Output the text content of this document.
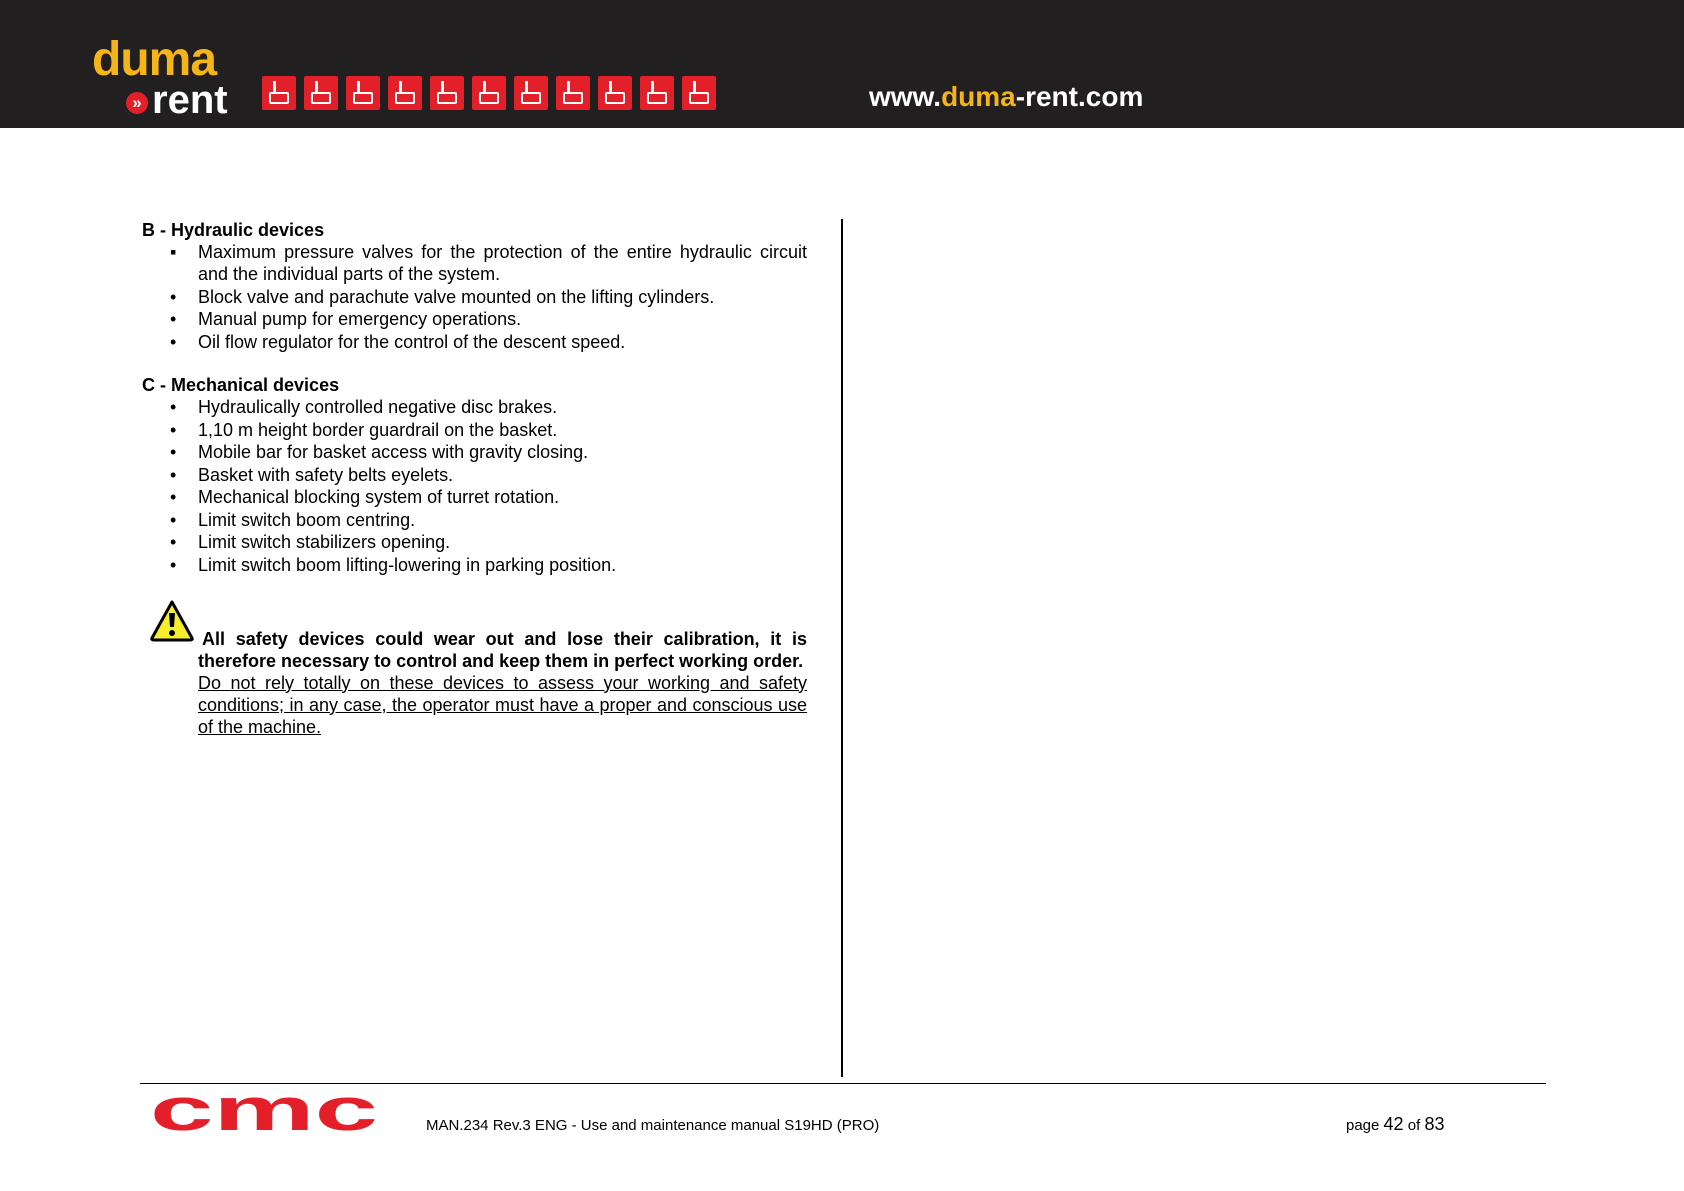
duma
» rent	www.duma-rent.com

B - Hydraulic devices

▪	Maximum pressure valves for the protection of the entire hydraulic circuit and the individual parts of the system.
•	Block valve and parachute valve mounted on the lifting cylinders.
•	Manual pump for emergency operations.
•	Oil flow regulator for the control of the descent speed.

C - Mechanical devices

•	Hydraulically controlled negative disc brakes.
•	1,10 m height border guardrail on the basket.
•	Mobile bar for basket access with gravity closing.
•	Basket with safety belts eyelets.
•	Mechanical blocking system of turret rotation.
•	Limit switch boom centring.
•	Limit switch stabilizers opening.
•	Limit switch boom lifting-lowering in parking position.
All safety devices could wear out and lose their calibration, it is therefore necessary to control and keep them in perfect working order.
Do not rely totally on these devices to assess your working and safety conditions; in any case, the operator must have a proper and conscious use of the machine.
cmc	MAN.234 Rev.3 ENG - Use and maintenance manual S19HD (PRO)	page 42 of 83
